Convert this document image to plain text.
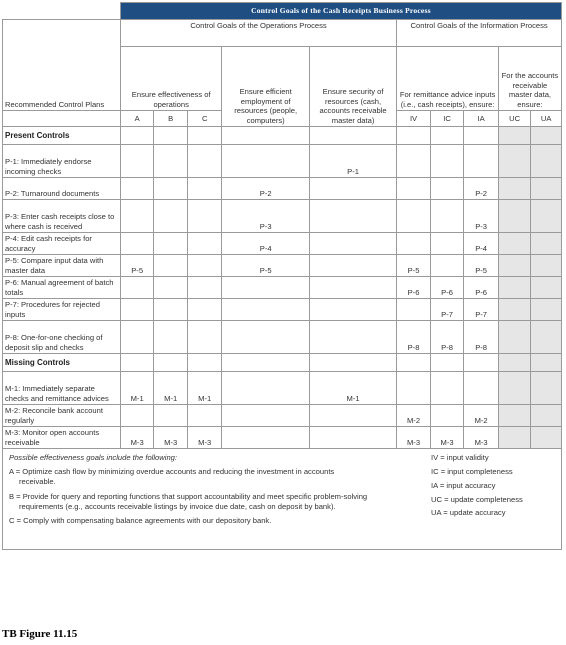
	Control Goals of the Cash Receipts Business Process									
Recommended Control Plans	Control Goals of the Operations Process					Control Goals of the Information Process				
	Ensure effectiveness of operations			Ensure efficient employment of resources (people, computers)	Ensure security of resources (cash, accounts receivable master data)	For remittance advice inputs (i.e., cash receipts), ensure:			For the accounts receivable master data, ensure:	
	A	B	C			IV	IC	IA	UC	UA
Present Controls										
P-1: Immediately endorse incoming checks					P-1					
P-2: Turnaround documents				P-2				P-2		
P-3: Enter cash receipts close to where cash is received				P-3				P-3		
P-4: Edit cash receipts for accuracy				P-4				P-4		
P-5: Compare input data with master data	P-5			P-5		P-5		P-5		
P-6: Manual agreement of batch totals						P-6	P-6	P-6		
P-7: Procedures for rejected inputs							P-7	P-7		
P-8: One-for-one checking of deposit slip and checks						P-8	P-8	P-8		
Missing Controls										
M-1: Immediately separate checks and remittance advices	M-1	M-1	M-1		M-1					
M-2: Reconcile bank account regularly						M-2		M-2		
M-3: Monitor open accounts receivable	M-3	M-3	M-3			M-3	M-3	M-3		
Possible effectiveness goals include the following:
A = Optimize cash flow by minimizing overdue accounts and reducing the investment in accounts receivable.
B = Provide for query and reporting functions that support accountability and meet specific problem-solving requirements (e.g., accounts receivable listings by invoice due date, cash on deposit by bank).
C = Comply with compensating balance agreements with our depository bank.
IV = input validity
IC = input completeness
IA = input accuracy
UC = update completeness
UA = update accuracy
TB Figure 11.15
